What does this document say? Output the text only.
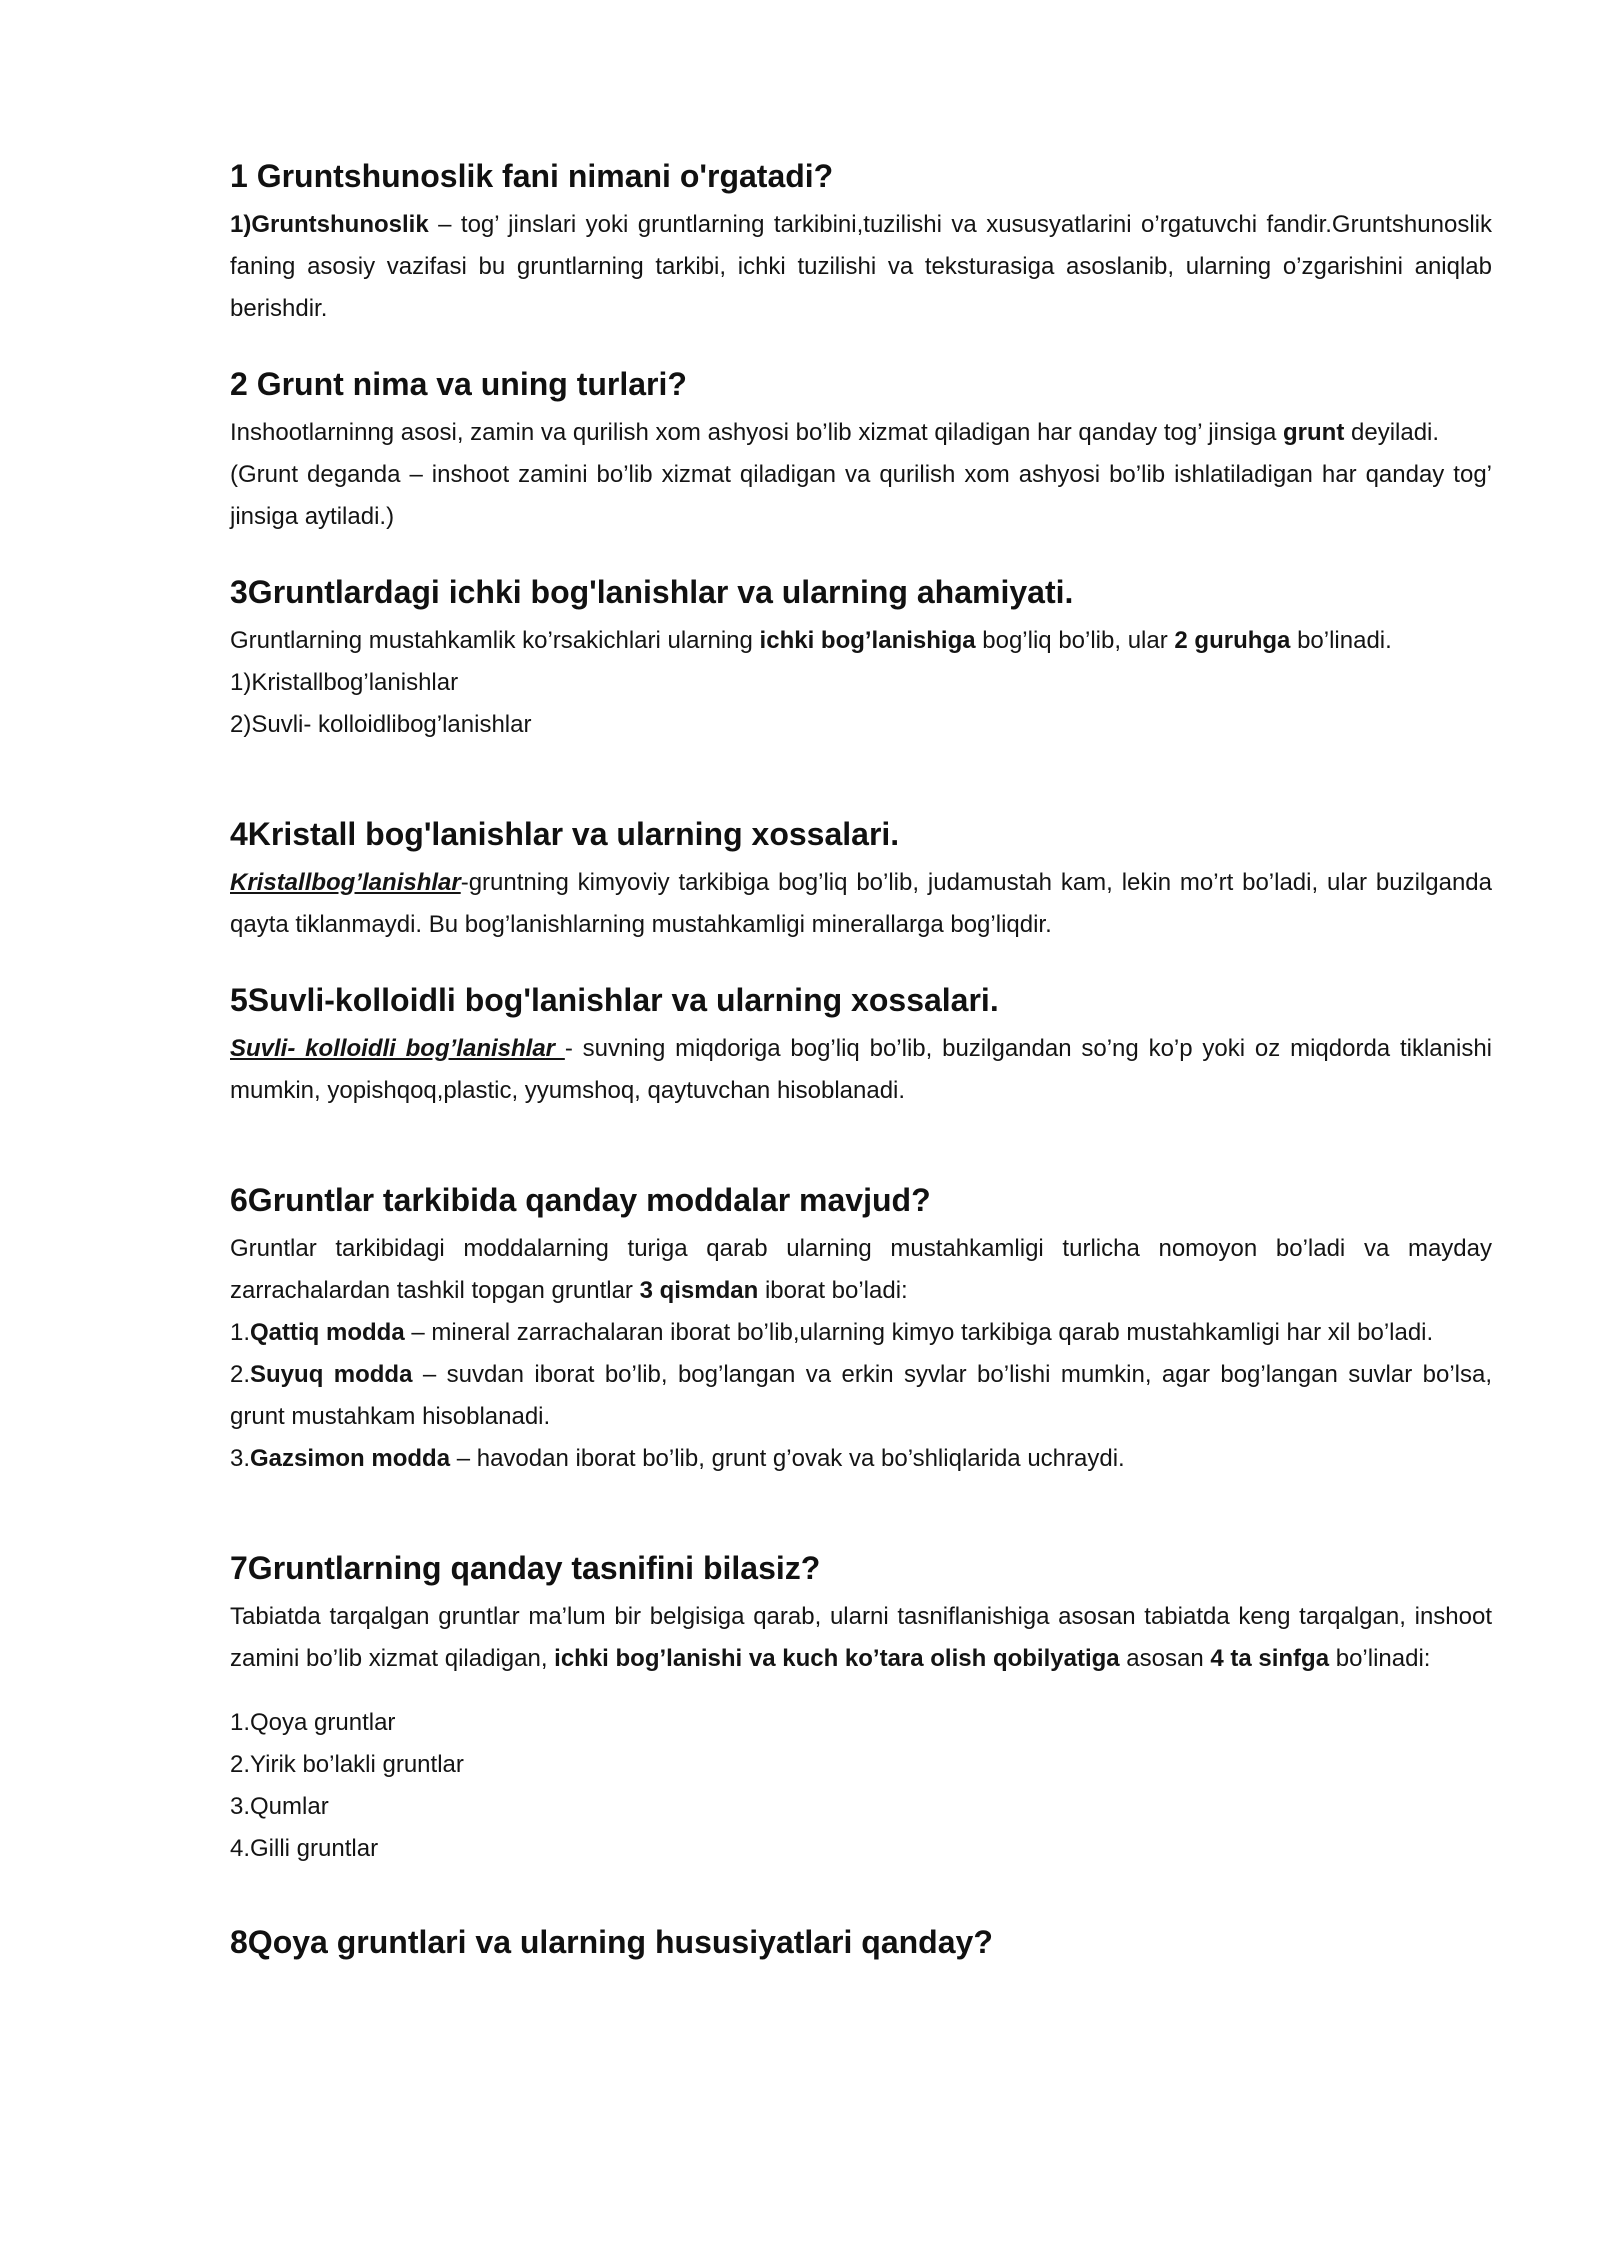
1 Gruntshunoslik fani nimani o'rgatadi?

1)Gruntshunoslik – tog’ jinslari yoki gruntlarning tarkibini,tuzilishi va xususyatlarini o’rgatuvchi fandir.Gruntshunoslik faning asosiy vazifasi bu gruntlarning tarkibi, ichki tuzilishi va teksturasiga asoslanib, ularning o’zgarishini aniqlab berishdir.

2 Grunt nima va uning turlari?

Inshootlarninng asosi, zamin va qurilish xom ashyosi bo’lib xizmat qiladigan har qanday tog’ jinsiga grunt deyiladi.

(Grunt deganda – inshoot zamini bo’lib xizmat qiladigan va qurilish xom ashyosi bo’lib ishlatiladigan har qanday tog’ jinsiga aytiladi.)

3Gruntlardagi ichki bog'lanishlar va ularning ahamiyati.

Gruntlarning mustahkamlik ko’rsakichlari ularning ichki bog’lanishiga bog’liq bo’lib, ular 2 guruhga bo’linadi.

1)Kristallbog’lanishlar
2)Suvli- kolloidlibog’lanishlar
4Kristall bog'lanishlar va ularning xossalari.

Kristallbog’lanishlar-gruntning kimyoviy tarkibiga bog’liq bo’lib, judamustah kam, lekin mo’rt bo’ladi, ular buzilganda qayta tiklanmaydi. Bu bog’lanishlarning mustahkamligi minerallarga bog’liqdir.

5Suvli-kolloidli bog'lanishlar va ularning xossalari.

Suvli- kolloidli bog’lanishlar - suvning miqdoriga bog’liq bo’lib, buzilgandan so’ng ko’p yoki oz miqdorda tiklanishi mumkin, yopishqoq,plastic, yyumshoq, qaytuvchan hisoblanadi.

6Gruntlar tarkibida qanday moddalar mavjud?

Gruntlar tarkibidagi moddalarning turiga qarab ularning mustahkamligi turlicha nomoyon bo’ladi va mayday zarrachalardan tashkil topgan gruntlar 3 qismdan iborat bo’ladi:

1.Qattiq modda – mineral zarrachalaran iborat bo’lib,ularning kimyo tarkibiga qarab mustahkamligi har xil bo’ladi.

2.Suyuq modda – suvdan iborat bo’lib, bog’langan va erkin syvlar bo’lishi mumkin, agar bog’langan suvlar bo’lsa, grunt mustahkam hisoblanadi.

3.Gazsimon modda – havodan iborat bo’lib, grunt g’ovak va bo’shliqlarida uchraydi.

7Gruntlarning qanday tasnifini bilasiz?

Tabiatda tarqalgan gruntlar ma’lum bir belgisiga qarab, ularni tasniflanishiga asosan tabiatda keng tarqalgan, inshoot zamini bo’lib xizmat qiladigan, ichki bog’lanishi va kuch ko’tara olish qobilyatiga asosan 4 ta sinfga bo’linadi:

1.Qoya gruntlar
2.Yirik bo’lakli gruntlar
3.Qumlar
4.Gilli gruntlar
8Qoya gruntlari va ularning hususiyatlari qanday?
